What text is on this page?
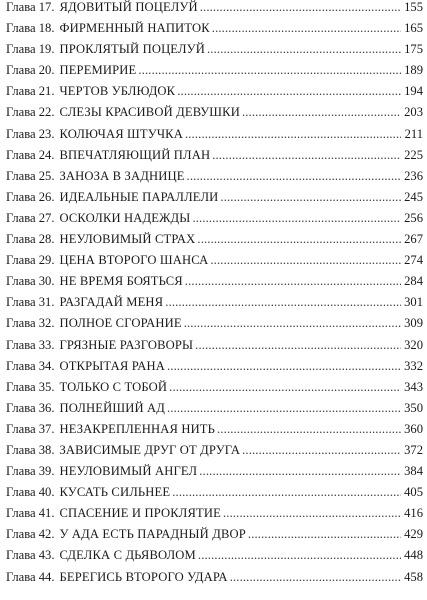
Глава 17. ЯДОВИТЫЙ ПОЦЕЛУЙ . . .	155
Глава 18. ФИРМЕННЫЙ НАПИТОК . . .	165
Глава 19. ПРОКЛЯТЫЙ ПОЦЕЛУЙ . . .	175
Глава 20. ПЕРЕМИРИЕ . . .	189
Глава 21. ЧЕРТОВ УБЛЮДОК . . .	194
Глава 22. СЛЕЗЫ КРАСИВОЙ ДЕВУШКИ . . .	203
Глава 23. КОЛЮЧАЯ ШТУЧКА . . .	211
Глава 24. ВПЕЧАТЛЯЮЩИЙ ПЛАН . . .	225
Глава 25. ЗАНОЗА В ЗАДНИЦЕ . . .	236
Глава 26. ИДЕАЛЬНЫЕ ПАРАЛЛЕЛИ . . .	245
Глава 27. ОСКОЛКИ НАДЕЖДЫ . . .	256
Глава 28. НЕУЛОВИМЫЙ СТРАХ . . .	267
Глава 29. ЦЕНА ВТОРОГО ШАНСА . . .	274
Глава 30. НЕ ВРЕМЯ БОЯТЬСЯ . . .	284
Глава 31. РАЗГАДАЙ МЕНЯ . . .	301
Глава 32. ПОЛНОЕ СГОРАНИЕ . . .	309
Глава 33. ГРЯЗНЫЕ РАЗГОВОРЫ . . .	320
Глава 34. ОТКРЫТАЯ РАНА . . .	332
Глава 35. ТОЛЬКО С ТОБОЙ . . .	343
Глава 36. ПОЛНЕЙШИЙ АД . . .	350
Глава 37. НЕЗАКРЕПЛЕННАЯ НИТЬ . . .	360
Глава 38. ЗАВИСИМЫЕ ДРУГ ОТ ДРУГА . . .	372
Глава 39. НЕУЛОВИМЫЙ АНГЕЛ . . .	384
Глава 40. КУСАТЬ СИЛЬНЕЕ . . .	405
Глава 41. СПАСЕНИЕ И ПРОКЛЯТИЕ . . .	416
Глава 42. У АДА ЕСТЬ ПАРАДНЫЙ ДВОР . . .	429
Глава 43. СДЕЛКА С ДЬЯВОЛОМ . . .	448
Глава 44. БЕРЕГИСЬ ВТОРОГО УДАРА . . .	458
